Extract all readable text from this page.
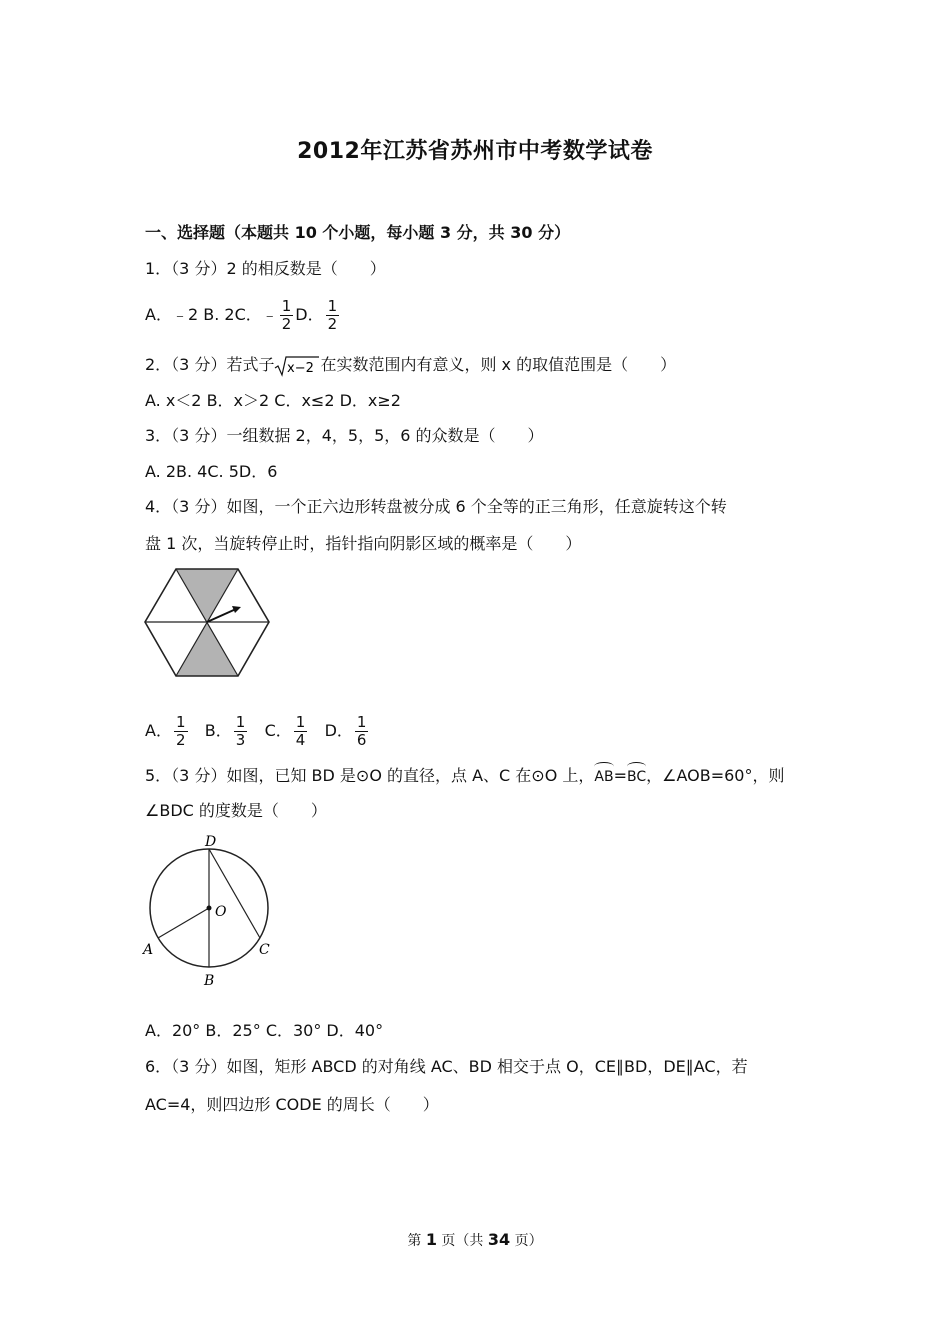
2012年江苏省苏州市中考数学试卷
一、选择题（本题共 10 个小题，每小题 3 分，共 30 分）
1．（3 分）2 的相反数是（　　）
A．﹣2 B. 2C．﹣ $\frac{1}{2}$ D． $\frac{1}{2}$
2．（3 分）若式子 x−2 在实数范围内有意义，则 x 的取值范围是（　　）
A. x＜2 B．x＞2 C．x≤2 D．x≥2
3．（3 分）一组数据 2，4，5，5，6 的众数是（　　）
A. 2B. 4C. 5D．6
4．（3 分）如图，一个正六边形转盘被分成 6 个全等的正三角形，任意旋转这个转
盘 1 次，当旋转停止时，指针指向阴影区域的概率是（　　）
A． $\frac{1}{2}$ B． $\frac{1}{3}$ C． $\frac{1}{4}$ D． $\frac{1}{6}$
5．（3 分）如图，已知 BD 是⊙O 的直径，点 A、C 在⊙O 上，AB=BC，∠AOB=60°，则
∠BDC 的度数是（　　）
D
O
A	C
B
A．20° B．25° C．30° D．40°
6．（3 分）如图，矩形 ABCD 的对角线 AC、BD 相交于点 O，CE∥BD，DE∥AC，若
AC=4，则四边形 CODE 的周长（　　）
第 1 页（共 34 页）
